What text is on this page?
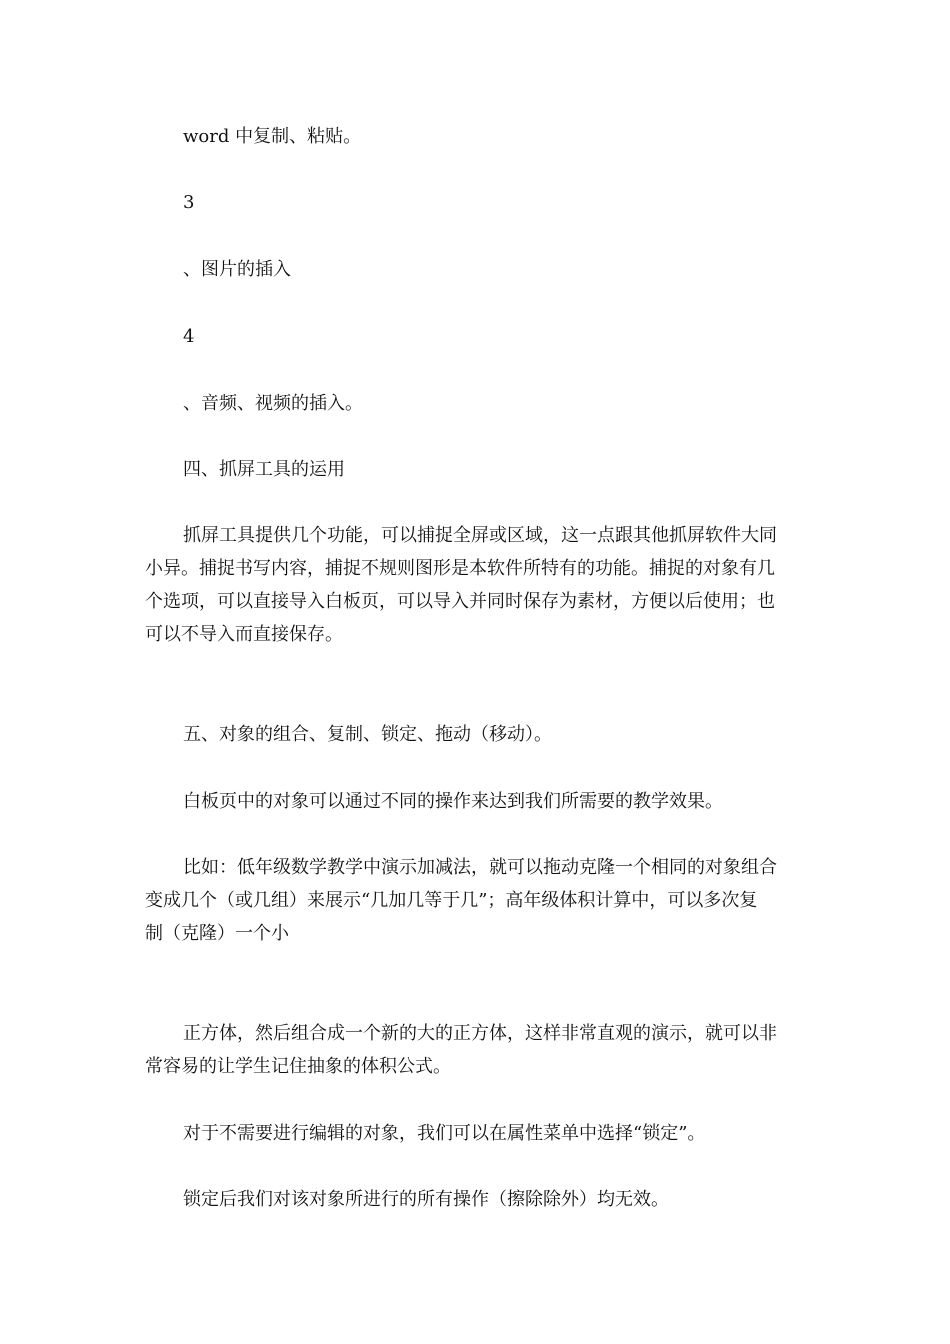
word 中复制、粘贴。

3

、图片的插入

4

、音频、视频的插入。

四、抓屏工具的运用

抓屏工具提供几个功能，可以捕捉全屏或区域，这一点跟其他抓屏软件大同
小异。捕捉书写内容，捕捉不规则图形是本软件所特有的功能。捕捉的对象有几
个选项，可以直接导入白板页，可以导入并同时保存为素材，方便以后使用；也
可以不导入而直接保存。

五、对象的组合、复制、锁定、拖动（移动）。

白板页中的对象可以通过不同的操作来达到我们所需要的教学效果。

比如：低年级数学教学中演示加减法，就可以拖动克隆一个相同的对象组合
变成几个（或几组）来展示“几加几等于几”；高年级体积计算中，可以多次复
制（克隆）一个小

正方体，然后组合成一个新的大的正方体，这样非常直观的演示，就可以非
常容易的让学生记住抽象的体积公式。

对于不需要进行编辑的对象，我们可以在属性菜单中选择“锁定”。

锁定后我们对该对象所进行的所有操作（擦除除外）均无效。
